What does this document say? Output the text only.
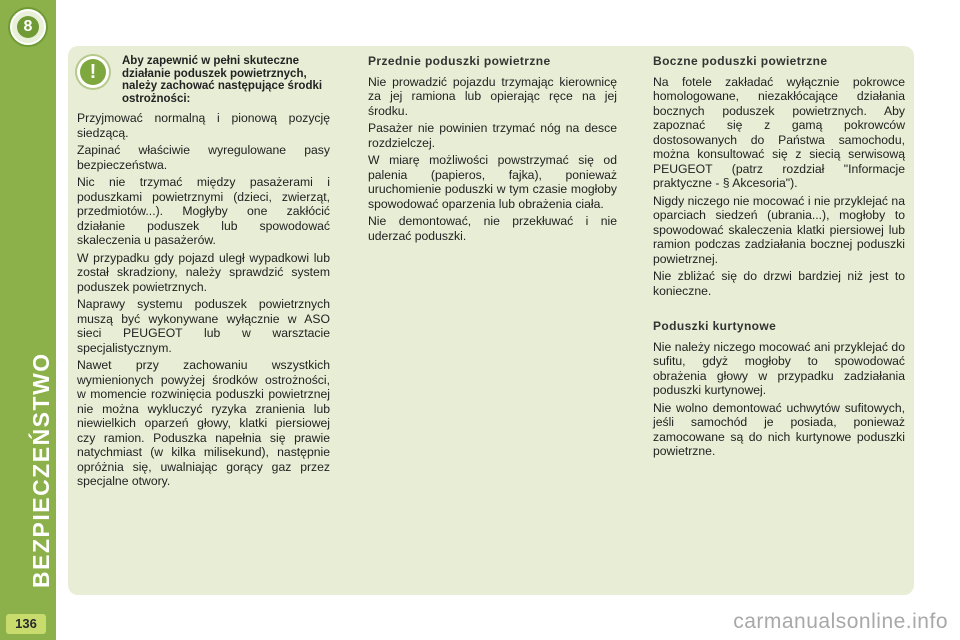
8
BEZPIECZEŃSTWO
136
!	Aby zapewnić w pełni skuteczne działanie poduszek powietrznych, należy zachować następujące środki ostrożności:

Przyjmować normalną i pionową pozycję siedzącą.

Zapinać właściwie wyregulowane pasy bezpieczeństwa.

Nic nie trzymać między pasażerami i poduszkami powietrznymi (dzieci, zwierząt, przedmiotów...). Mogłyby one zakłócić działanie poduszek lub spowodować skaleczenia u pasażerów.

W przypadku gdy pojazd uległ wypadkowi lub został skradziony, należy sprawdzić system poduszek powietrznych.

Naprawy systemu poduszek powietrznych muszą być wykonywane wyłącznie w ASO sieci PEUGEOT lub w warsztacie specjalistycznym.

Nawet przy zachowaniu wszystkich wymienionych powyżej środków ostrożności, w momencie rozwinięcia poduszki powietrznej nie można wykluczyć ryzyka zranienia lub niewielkich oparzeń głowy, klatki piersiowej czy ramion. Poduszka napełnia się prawie natychmiast (w kilka milisekund), następnie opróżnia się, uwalniając gorący gaz przez specjalne otwory.

Przednie poduszki powietrzne

Nie prowadzić pojazdu trzymając kierownicę za jej ramiona lub opierając ręce na jej środku.

Pasażer nie powinien trzymać nóg na desce rozdzielczej.

W miarę możliwości powstrzymać się od palenia (papieros, fajka), ponieważ uruchomienie poduszki w tym czasie mogłoby spowodować oparzenia lub obrażenia ciała.

Nie demontować, nie przekłuwać i nie uderzać poduszki.

Boczne poduszki powietrzne

Na fotele zakładać wyłącznie pokrowce homologowane, niezakłócające działania bocznych poduszek powietrznych. Aby zapoznać się z gamą pokrowców dostosowanych do Państwa samochodu, można konsultować się z siecią serwisową PEUGEOT (patrz rozdział "Informacje praktyczne - § Akcesoria").

Nigdy niczego nie mocować i nie przyklejać na oparciach siedzeń (ubrania...), mogłoby to spowodować skaleczenia klatki piersiowej lub ramion podczas zadziałania bocznej poduszki powietrznej.

Nie zbliżać się do drzwi bardziej niż jest to konieczne.

Poduszki kurtynowe

Nie należy niczego mocować ani przyklejać do sufitu, gdyż mogłoby to spowodować obrażenia głowy w przypadku zadziałania poduszki kurtynowej.

Nie wolno demontować uchwytów sufitowych, jeśli samochód je posiada, ponieważ zamocowane są do nich kurtynowe poduszki powietrzne.

carmanualsonline.info
